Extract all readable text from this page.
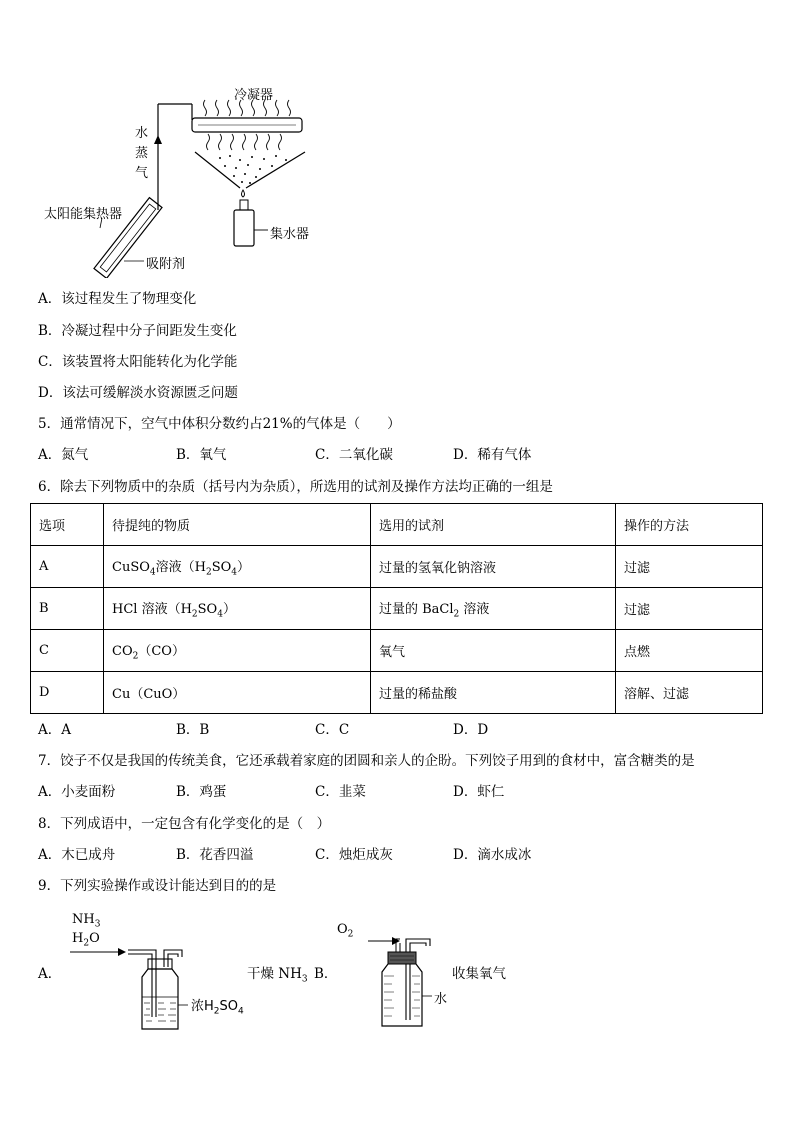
冷凝器
水
蒸
气
太阳能集热器
吸附剂
集水器
A．该过程发生了物理变化
B．冷凝过程中分子间距发生变化
C．该装置将太阳能转化为化学能
D．该法可缓解淡水资源匮乏问题
5．通常情况下，空气中体积分数约占21%的气体是（　　）
A．氮气	B．氧气	C．二氧化碳	D．稀有气体
6．除去下列物质中的杂质（括号内为杂质），所选用的试剂及操作方法均正确的一组是
选项	待提纯的物质	选用的试剂	操作的方法
A	CuSO$_4$溶液$(H_2SO_4)$	过量的氢氧化钠溶液	过滤
B	HCl 溶液$(H_2SO_4)$	过量的 BaCl$_2$ 溶液	过滤
C	$CO_2(CO)$	氧气	点燃
D	Cu（CuO）	过量的稀盐酸	溶解、过滤
A．A	B．B	C．C	D．D
7．饺子不仅是我国的传统美食，它还承载着家庭的团圆和亲人的企盼。下列饺子用到的食材中，富含糖类的是
A．小麦面粉	B．鸡蛋	C．韭菜	D．虾仁
8．下列成语中，一定包含有化学变化的是（　）
A．木已成舟	B．花香四溢	C．烛炬成灰	D．滴水成冰
9．下列实验操作或设计能达到目的的是
A．
$NH_3$
$H_2O$
浓$H_2SO_4$
干燥 $NH_3$ B．
$O_2$
水
收集氧气
